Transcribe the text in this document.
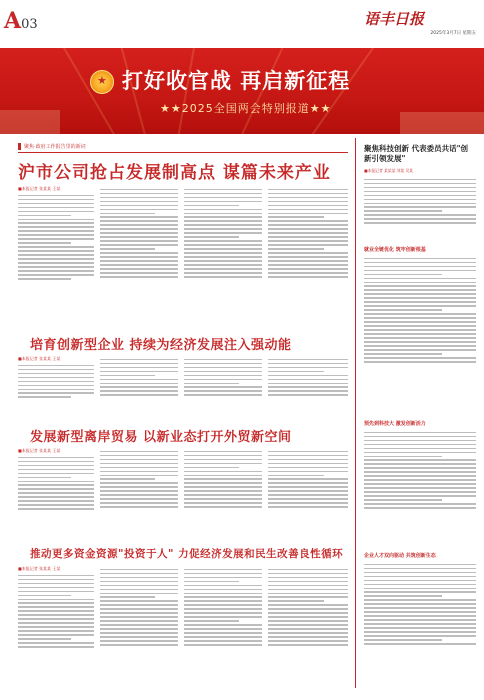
A03	语丰日报
2025年3月7日 星期五
★
打好收官战 再启新征程
★★2025全国两会特别报道★★
聚焦·政府工作报告里的新词
沪市公司抢占发展制高点 谋篇未来产业
■本报记者 张某某 王某
培育创新型企业 持续为经济发展注入强动能
■本报记者 张某某 王某
发展新型离岸贸易 以新业态打开外贸新空间
■本报记者 张某某 王某
推动更多资金资源"投资于人" 力促经济发展和民生改善良性循环
■本报记者 张某某 王某
聚焦科技创新 代表委员共话"创新引领发展"
■本报记者 某某某 刘某 吴某
就业全链优化 筑牢创新根基
预先到科技大 激发创新活力
企业人才双向驱动 共筑创新生态
